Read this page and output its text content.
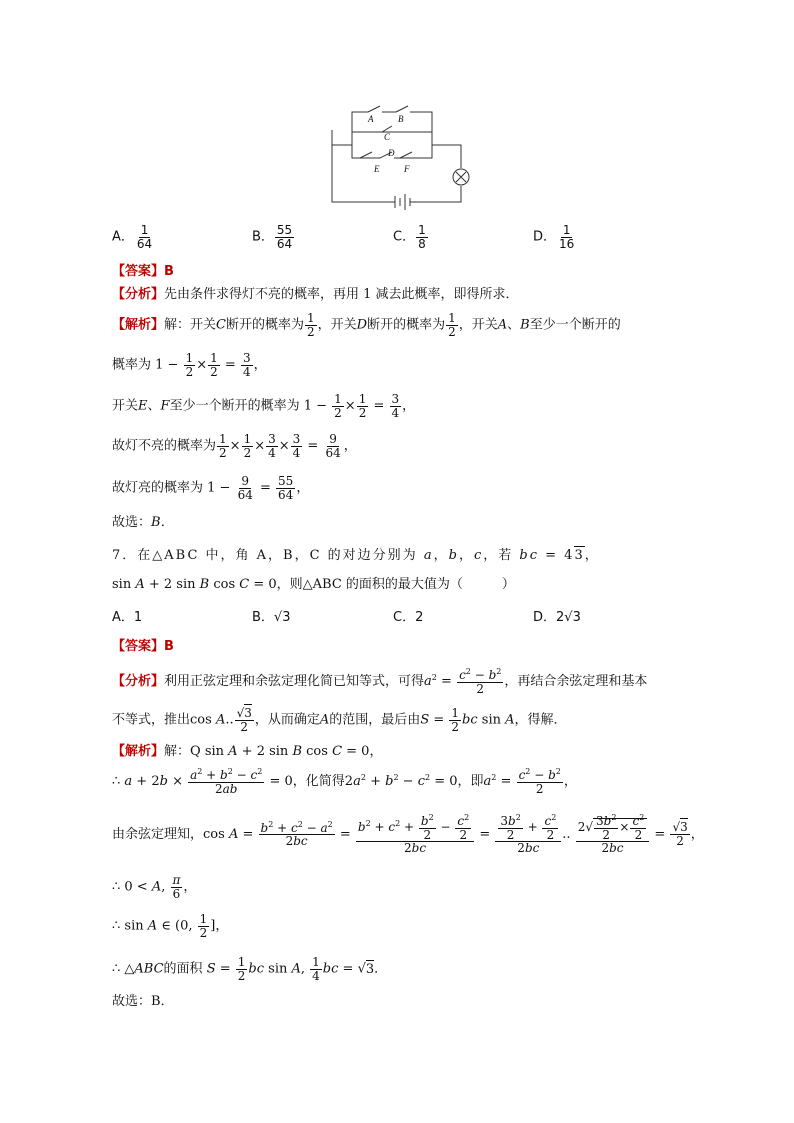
A	B
C
D
E	F
A． $\frac{1}{64}$	B． $\frac{55}{64}$	C． $\frac{1}{8}$	D． $\frac{1}{16}$
【答案】B
【分析】先由条件求得灯不亮的概率，再用 1 减去此概率，即得所求．
【解析】解：开关C断开的概率为 $\frac{1}{2}$ ，开关D断开的概率为 $\frac{1}{2}$ ，开关A、B至少一个断开的
概率为 $1 - \frac{1}{2} \times \frac{1}{2} = \frac{3}{4}$ ，
开关E、F至少一个断开的概率为 $1 - \frac{1}{2} \times \frac{1}{2} = \frac{3}{4}$ ，
故灯不亮的概率为 $\frac{1}{2} \times \frac{1}{2} \times \frac{3}{4} \times \frac{3}{4} = \frac{9}{64}$ ，
故灯亮的概率为 $1 - \frac{9}{64} = \frac{55}{64}$ ，
故选：B．
7．在△ABC 中，角 A，B，C 的对边分别为 a，b，c，若 bc = 43，
sin A + 2 sin B cos C = 0，则△ABC 的面积的最大值为（　　　）
A．1	B．√3	C．2	D．2√3
【答案】B
【分析】利用正弦定理和余弦定理化简已知等式，可得$a^2 = \frac{c^2 - b^2}{2}$ ，再结合余弦定理和基本
不等式，推出cos A.. $\frac{√3}{2}$ ，从而确定A的范围，最后由$S = \frac{1}{2}$ bc sin A，得解．
【解析】解：Q sin A + 2 sin B cos C = 0，
∴ $a + 2b \times \frac{a^2 + b^2 - c^2}{2ab} = 0$，化简得$2a^2 + b^2 - c^2 = 0$，即$a^2 = \frac{c^2 - b^2}{2}$ ，
由余弦定理知，$\cos A = \frac{b^2 + c^2 - a^2}{2bc} = \frac{b^2 + c^2 + \frac{b^2}{2} - \frac{c^2}{2}}{2bc} = \frac{\frac{3b^2}{2} + \frac{c^2}{2}}{2bc}$ .. $\frac{2√ \frac{3b^2}{2} \times \frac{c^2}{2}}{2bc} = \frac{√3}{2}$ ，
∴ 0 < A, $\frac{\pi}{6}$ ，
∴ sin A ∈ (0, $\frac{1}{2}$ ]，
∴ △ABC的面积 $S = \frac{1}{2}$ bc sin A, $\frac{1}{4}$ bc = √3．
故选：B．
